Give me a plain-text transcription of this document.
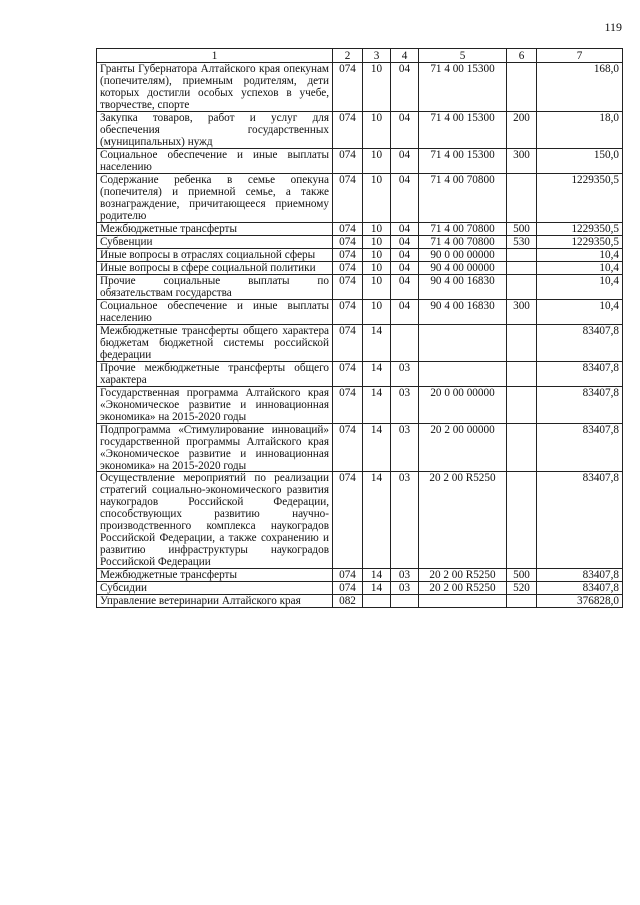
119
1	2	3	4	5	6	7
Гранты Губернатора Алтайского края опекунам (попечителям), приемным родителям, дети которых достигли особых успехов в учебе, творчестве, спорте	074	10	04	71 4 00 15300		168,0
Закупка товаров, работ и услуг для обеспечения государственных (муниципальных) нужд	074	10	04	71 4 00 15300	200	18,0
Социальное обеспечение и иные выплаты населению	074	10	04	71 4 00 15300	300	150,0
Содержание ребенка в семье опекуна (попечителя) и приемной семье, а также вознаграждение, причитающееся приемному родителю	074	10	04	71 4 00 70800		1229350,5
Межбюджетные трансферты	074	10	04	71 4 00 70800	500	1229350,5
Субвенции	074	10	04	71 4 00 70800	530	1229350,5
Иные вопросы в отраслях социальной сферы	074	10	04	90 0 00 00000		10,4
Иные вопросы в сфере социальной политики	074	10	04	90 4 00 00000		10,4
Прочие социальные выплаты по обязательствам государства	074	10	04	90 4 00 16830		10,4
Социальное обеспечение и иные выплаты населению	074	10	04	90 4 00 16830	300	10,4
Межбюджетные трансферты общего характера бюджетам бюджетной системы российской федерации	074	14				83407,8
Прочие межбюджетные трансферты общего характера	074	14	03			83407,8
Государственная программа Алтайского края «Экономическое развитие и инновационная экономика» на 2015-2020 годы	074	14	03	20 0 00 00000		83407,8
Подпрограмма «Стимулирование инноваций» государственной программы Алтайского края «Экономическое развитие и инновационная экономика» на 2015-2020 годы	074	14	03	20 2 00 00000		83407,8
Осуществление мероприятий по реализации стратегий социально-экономического развития наукоградов Российской Федерации, способствующих развитию научно-производственного комплекса наукоградов Российской Федерации, а также сохранению и развитию инфраструктуры наукоградов Российской Федерации	074	14	03	20 2 00 R5250		83407,8
Межбюджетные трансферты	074	14	03	20 2 00 R5250	500	83407,8
Субсидии	074	14	03	20 2 00 R5250	520	83407,8
Управление ветеринарии Алтайского края	082					376828,0
